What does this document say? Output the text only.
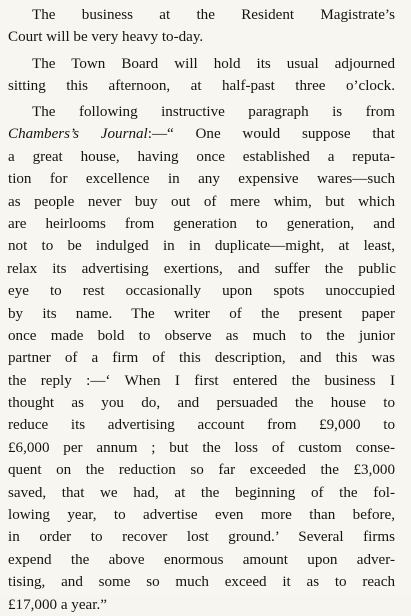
The business at the Resident Magistrate’s
Court will be very heavy to-day.
The Town Board will hold its usual adjourned
sitting this afternoon, at half-past three o’clock.
The following instructive paragraph is from
Chambers’s Journal:—“ One would suppose that
a great house, having once established a reputa-
tion for excellence in any expensive wares—such
as people never buy out of mere whim, but which
are heirlooms from generation to generation, and
not to be indulged in in duplicate—might, at least,
relax its advertising exertions, and suffer the public
eye to rest occasionally upon spots unoccupied
by its name. The writer of the present paper
once made bold to observe as much to the junior
partner of a firm of this description, and this was
the reply :—‘ When I first entered the business I
thought as you do, and persuaded the house to
reduce its advertising account from £9,000 to
£6,000 per annum ; but the loss of custom conse-
quent on the reduction so far exceeded the £3,000
saved, that we had, at the beginning of the fol-
lowing year, to advertise even more than before,
in order to recover lost ground.’ Several firms
expend the above enormous amount upon adver-
tising, and some so much exceed it as to reach
£17,000 a year.”
